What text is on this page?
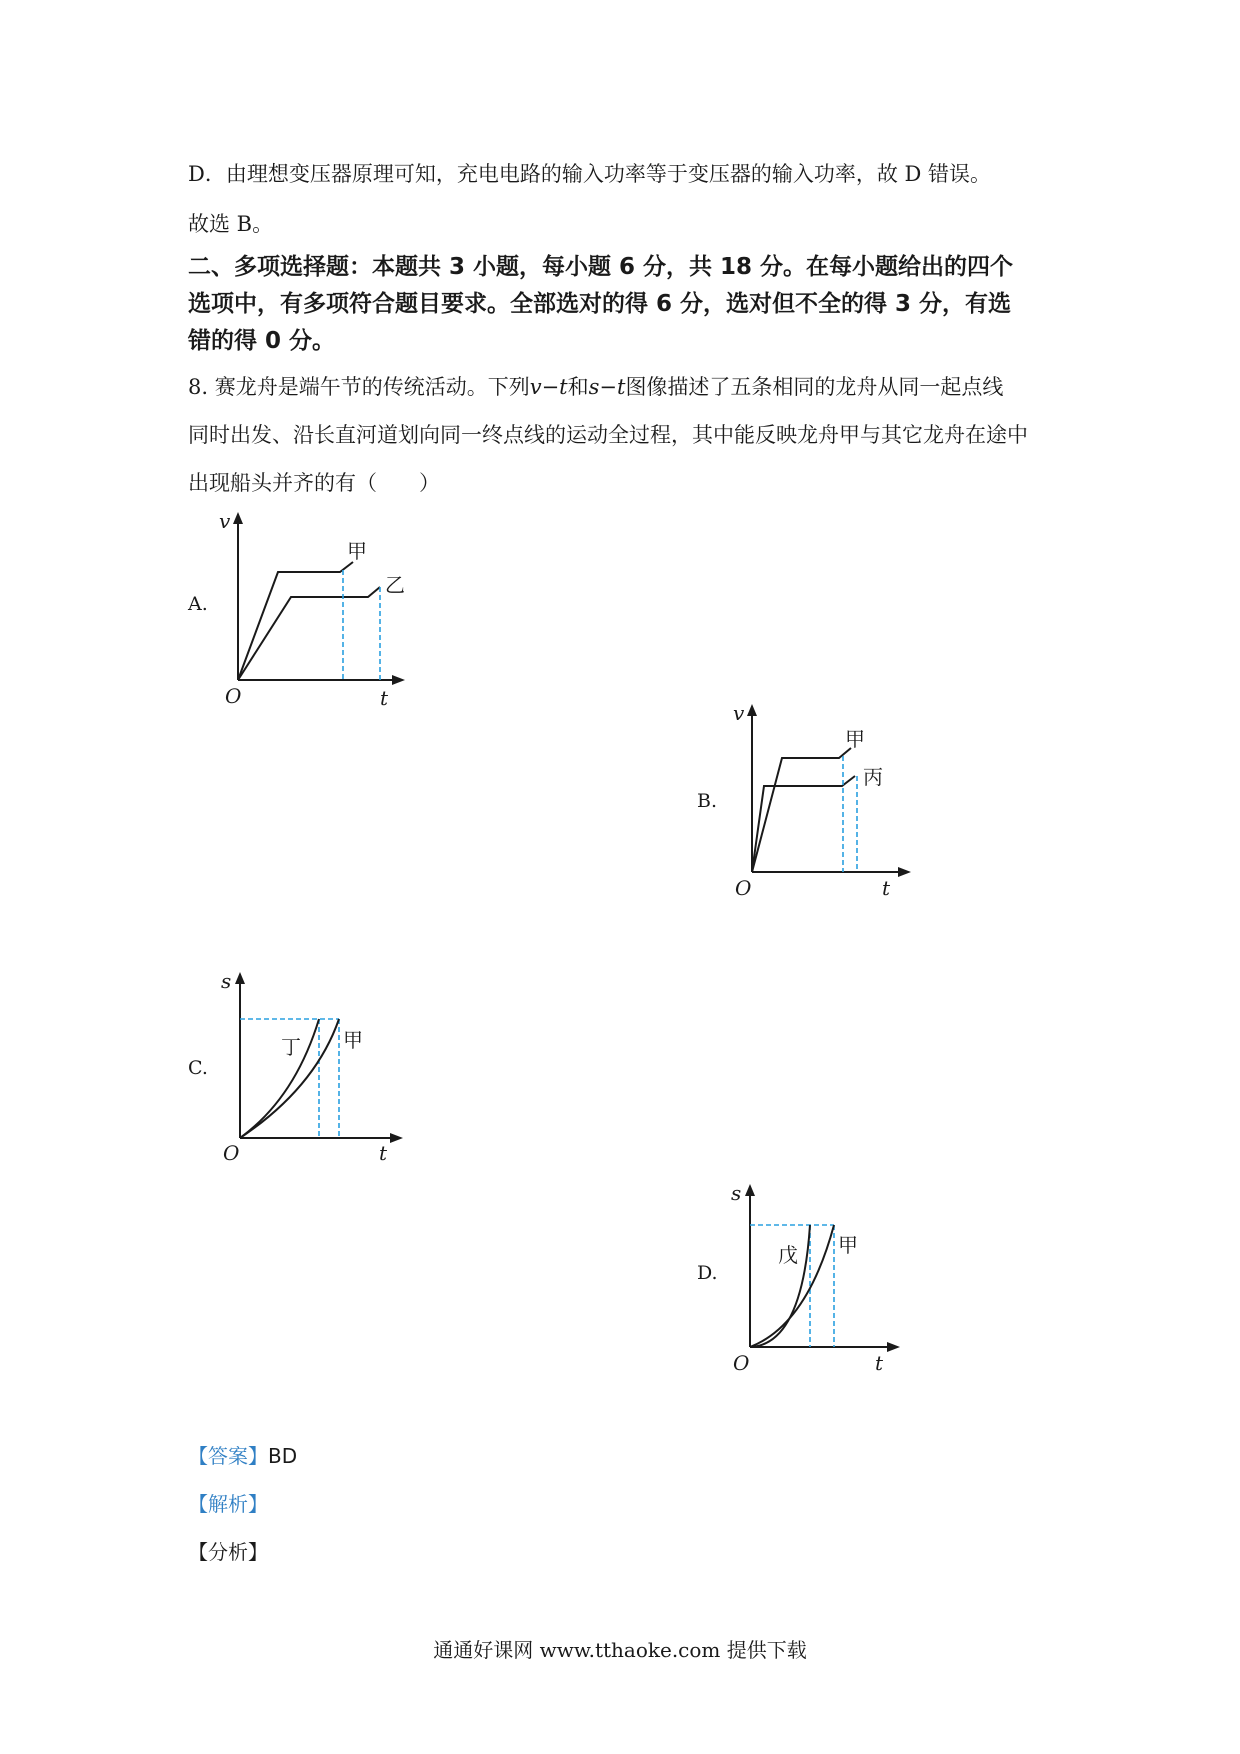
D．由理想变压器原理可知，充电电路的输入功率等于变压器的输入功率，故 D 错误。
故选 B。
二、多项选择题：本题共 3 小题，每小题 6 分，共 18 分。在每小题给出的四个
选项中，有多项符合题目要求。全部选对的得 6 分，选对但不全的得 3 分，有选
错的得 0 分。
8. 赛龙舟是端午节的传统活动。下列v−t和s−t图像描述了五条相同的龙舟从同一起点线
同时出发、沿长直河道划向同一终点线的运动全过程，其中能反映龙舟甲与其它龙舟在途中
出现船头并齐的有（　　）
A.
v
t
O
甲
乙
B.
v
t
O
甲
丙
C.
s
t
O
丁 甲
D.
s
t
O
戊 甲
【答案】BD
【解析】
【分析】
通通好课网 www.tthaoke.com 提供下载
